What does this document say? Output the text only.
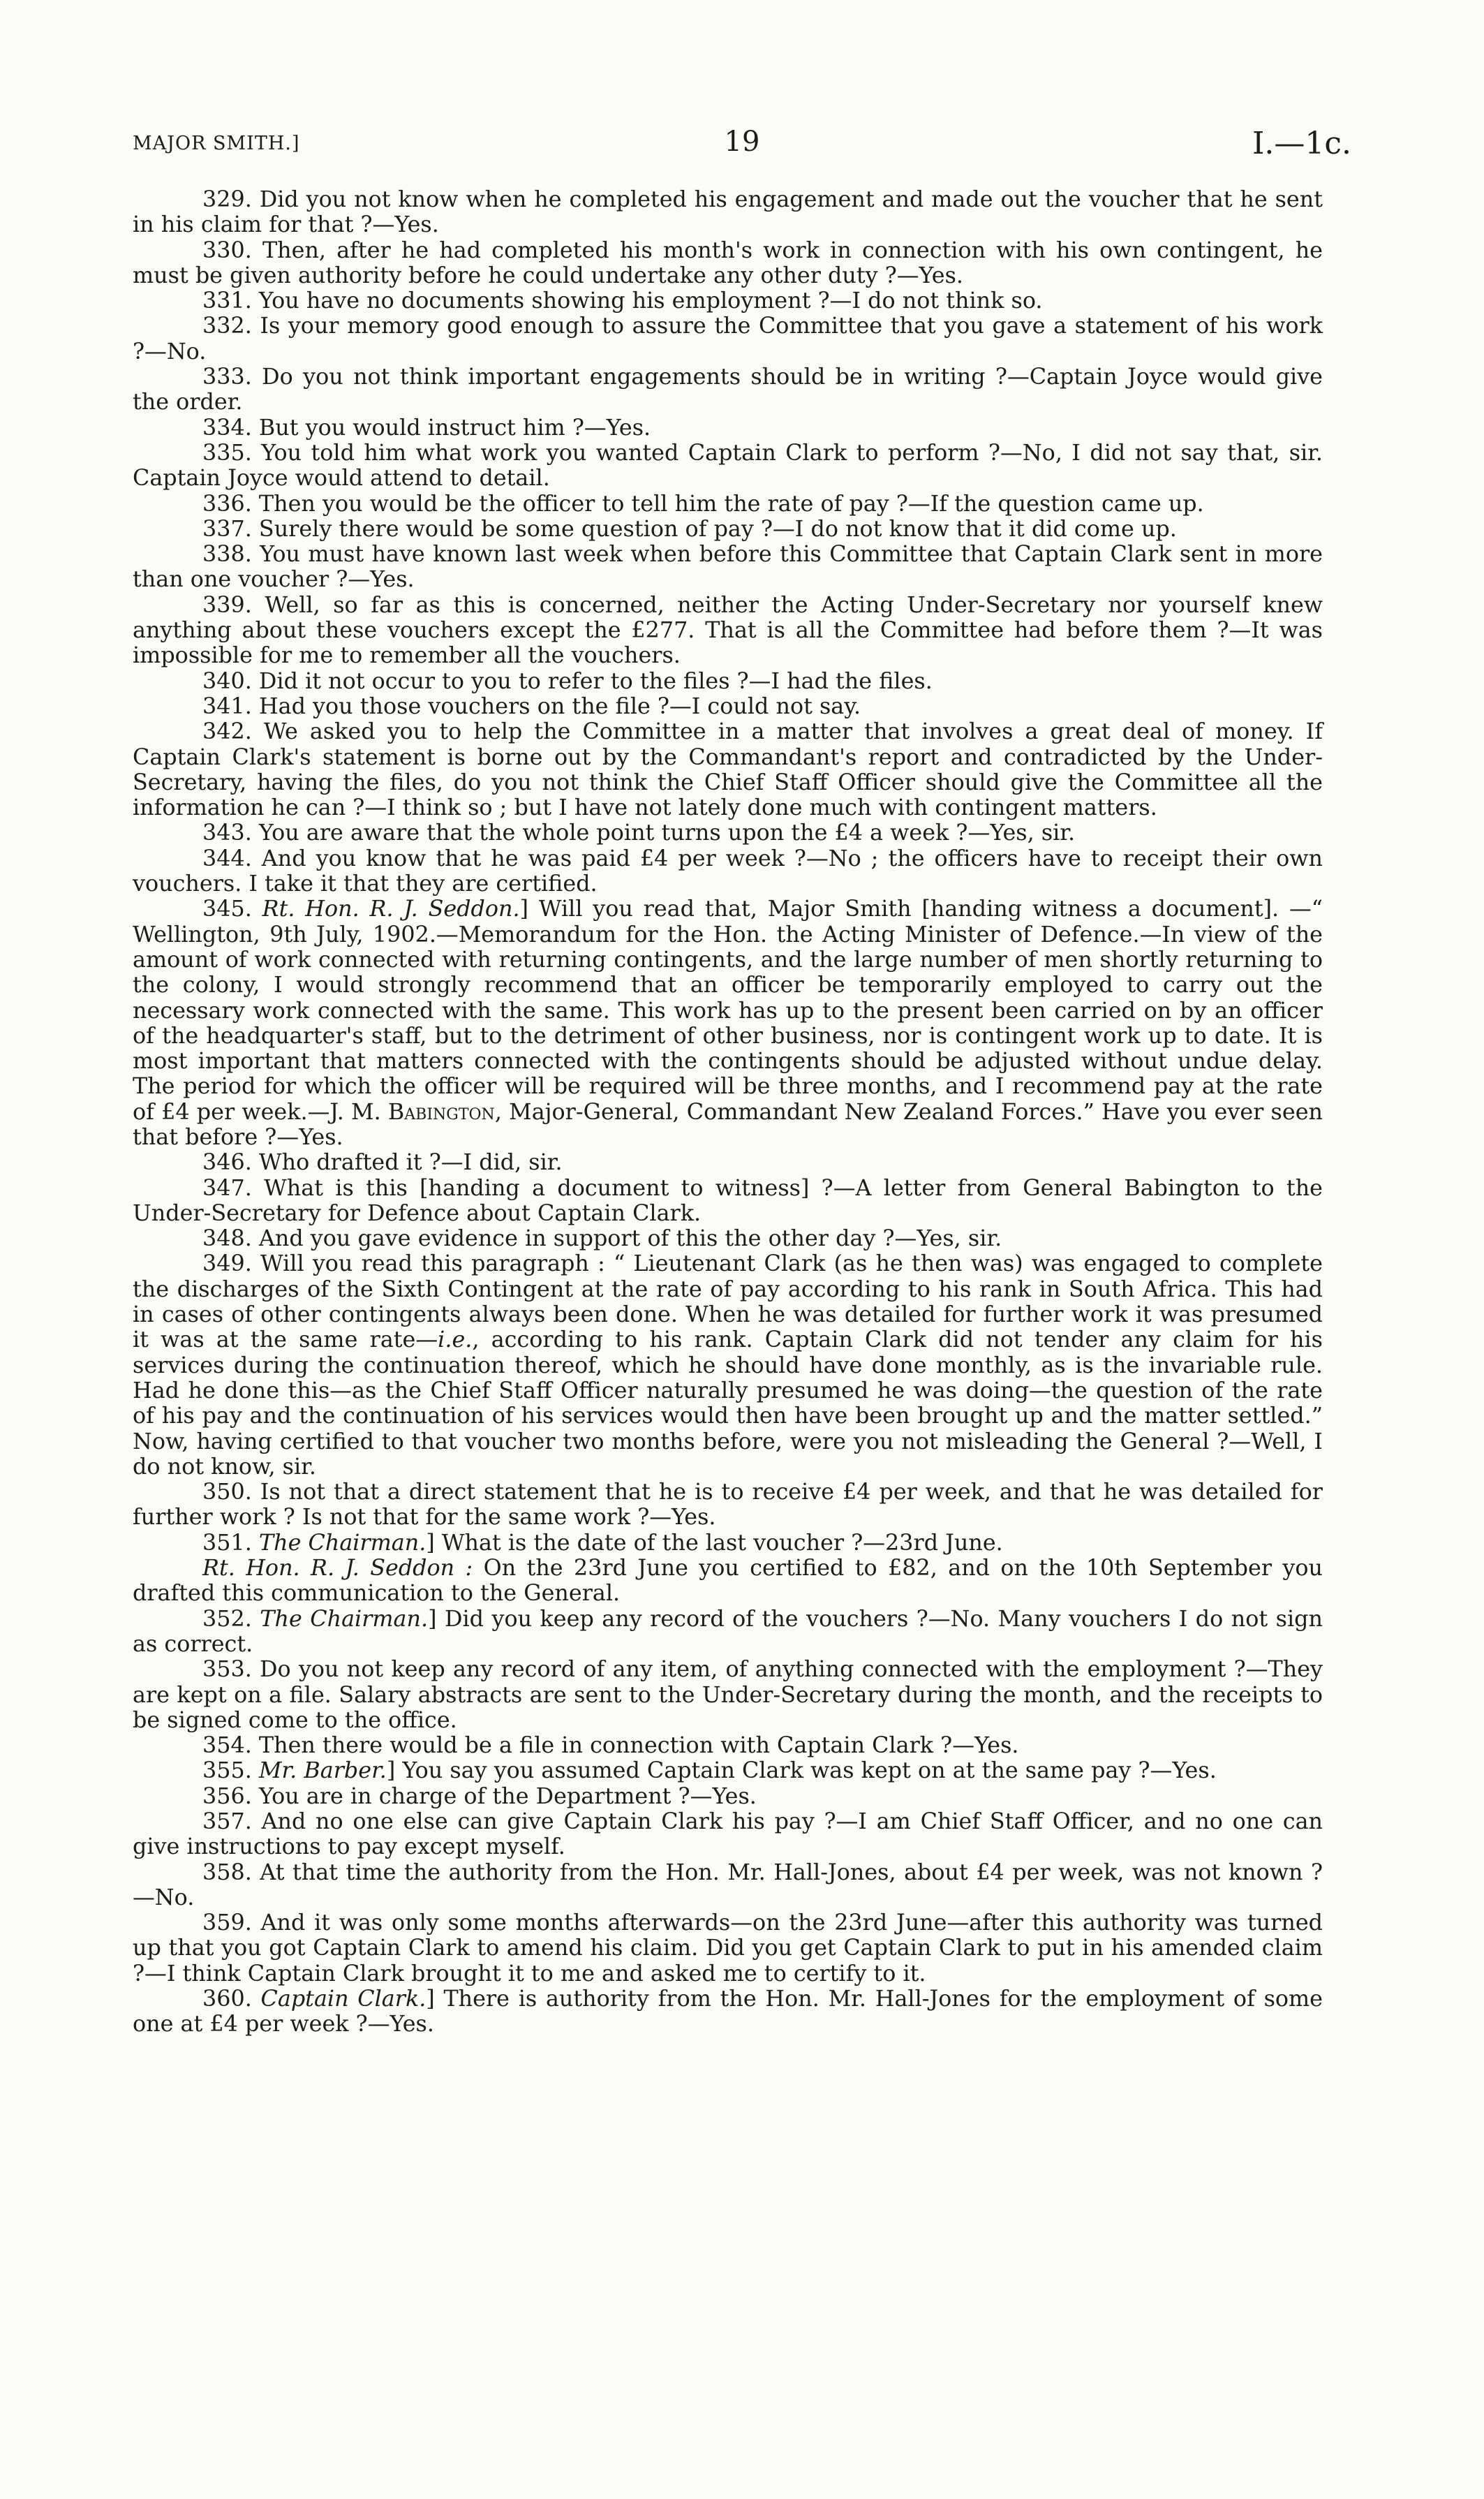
MAJOR SMITH.]	19	I.—1c.

329. Did you not know when he completed his engagement and made out the voucher that he sent in his claim for that ?—Yes.

330. Then, after he had completed his month's work in connection with his own contingent, he must be given authority before he could undertake any other duty ?—Yes.

331. You have no documents showing his employment ?—I do not think so.

332. Is your memory good enough to assure the Committee that you gave a statement of his work ?—No.

333. Do you not think important engagements should be in writing ?—Captain Joyce would give the order.

334. But you would instruct him ?—Yes.

335. You told him what work you wanted Captain Clark to perform ?—No, I did not say that, sir. Captain Joyce would attend to detail.

336. Then you would be the officer to tell him the rate of pay ?—If the question came up.

337. Surely there would be some question of pay ?—I do not know that it did come up.

338. You must have known last week when before this Committee that Captain Clark sent in more than one voucher ?—Yes.

339. Well, so far as this is concerned, neither the Acting Under-Secretary nor yourself knew anything about these vouchers except the £277. That is all the Committee had before them ?—It was impossible for me to remember all the vouchers.

340. Did it not occur to you to refer to the files ?—I had the files.

341. Had you those vouchers on the file ?—I could not say.

342. We asked you to help the Committee in a matter that involves a great deal of money. If Captain Clark's statement is borne out by the Commandant's report and contradicted by the Under-Secretary, having the files, do you not think the Chief Staff Officer should give the Committee all the information he can ?—I think so ; but I have not lately done much with contingent matters.

343. You are aware that the whole point turns upon the £4 a week ?—Yes, sir.

344. And you know that he was paid £4 per week ?—No ; the officers have to receipt their own vouchers. I take it that they are certified.

345. Rt. Hon. R. J. Seddon.] Will you read that, Major Smith [handing witness a document]. —“ Wellington, 9th July, 1902.—Memorandum for the Hon. the Acting Minister of Defence.—In view of the amount of work connected with returning contingents, and the large number of men shortly returning to the colony, I would strongly recommend that an officer be temporarily employed to carry out the necessary work connected with the same. This work has up to the present been carried on by an officer of the headquarter's staff, but to the detriment of other business, nor is contingent work up to date. It is most important that matters connected with the contingents should be adjusted without undue delay. The period for which the officer will be required will be three months, and I recommend pay at the rate of £4 per week.—J. M. Babington, Major-General, Commandant New Zealand Forces.” Have you ever seen that before ?—Yes.

346. Who drafted it ?—I did, sir.

347. What is this [handing a document to witness] ?—A letter from General Babington to the Under-Secretary for Defence about Captain Clark.

348. And you gave evidence in support of this the other day ?—Yes, sir.

349. Will you read this paragraph : “ Lieutenant Clark (as he then was) was engaged to complete the discharges of the Sixth Contingent at the rate of pay according to his rank in South Africa. This had in cases of other contingents always been done. When he was detailed for further work it was presumed it was at the same rate—i.e., according to his rank. Captain Clark did not tender any claim for his services during the continuation thereof, which he should have done monthly, as is the invariable rule. Had he done this—as the Chief Staff Officer naturally presumed he was doing—the question of the rate of his pay and the continuation of his services would then have been brought up and the matter settled.” Now, having certified to that voucher two months before, were you not misleading the General ?—Well, I do not know, sir.

350. Is not that a direct statement that he is to receive £4 per week, and that he was detailed for further work ? Is not that for the same work ?—Yes.

351. The Chairman.] What is the date of the last voucher ?—23rd June.

Rt. Hon. R. J. Seddon : On the 23rd June you certified to £82, and on the 10th September you drafted this communication to the General.

352. The Chairman.] Did you keep any record of the vouchers ?—No. Many vouchers I do not sign as correct.

353. Do you not keep any record of any item, of anything connected with the employment ?—They are kept on a file. Salary abstracts are sent to the Under-Secretary during the month, and the receipts to be signed come to the office.

354. Then there would be a file in connection with Captain Clark ?—Yes.

355. Mr. Barber.] You say you assumed Captain Clark was kept on at the same pay ?—Yes.

356. You are in charge of the Department ?—Yes.

357. And no one else can give Captain Clark his pay ?—I am Chief Staff Officer, and no one can give instructions to pay except myself.

358. At that time the authority from the Hon. Mr. Hall-Jones, about £4 per week, was not known ?—No.

359. And it was only some months afterwards—on the 23rd June—after this authority was turned up that you got Captain Clark to amend his claim. Did you get Captain Clark to put in his amended claim ?—I think Captain Clark brought it to me and asked me to certify to it.

360. Captain Clark.] There is authority from the Hon. Mr. Hall-Jones for the employment of some one at £4 per week ?—Yes.
